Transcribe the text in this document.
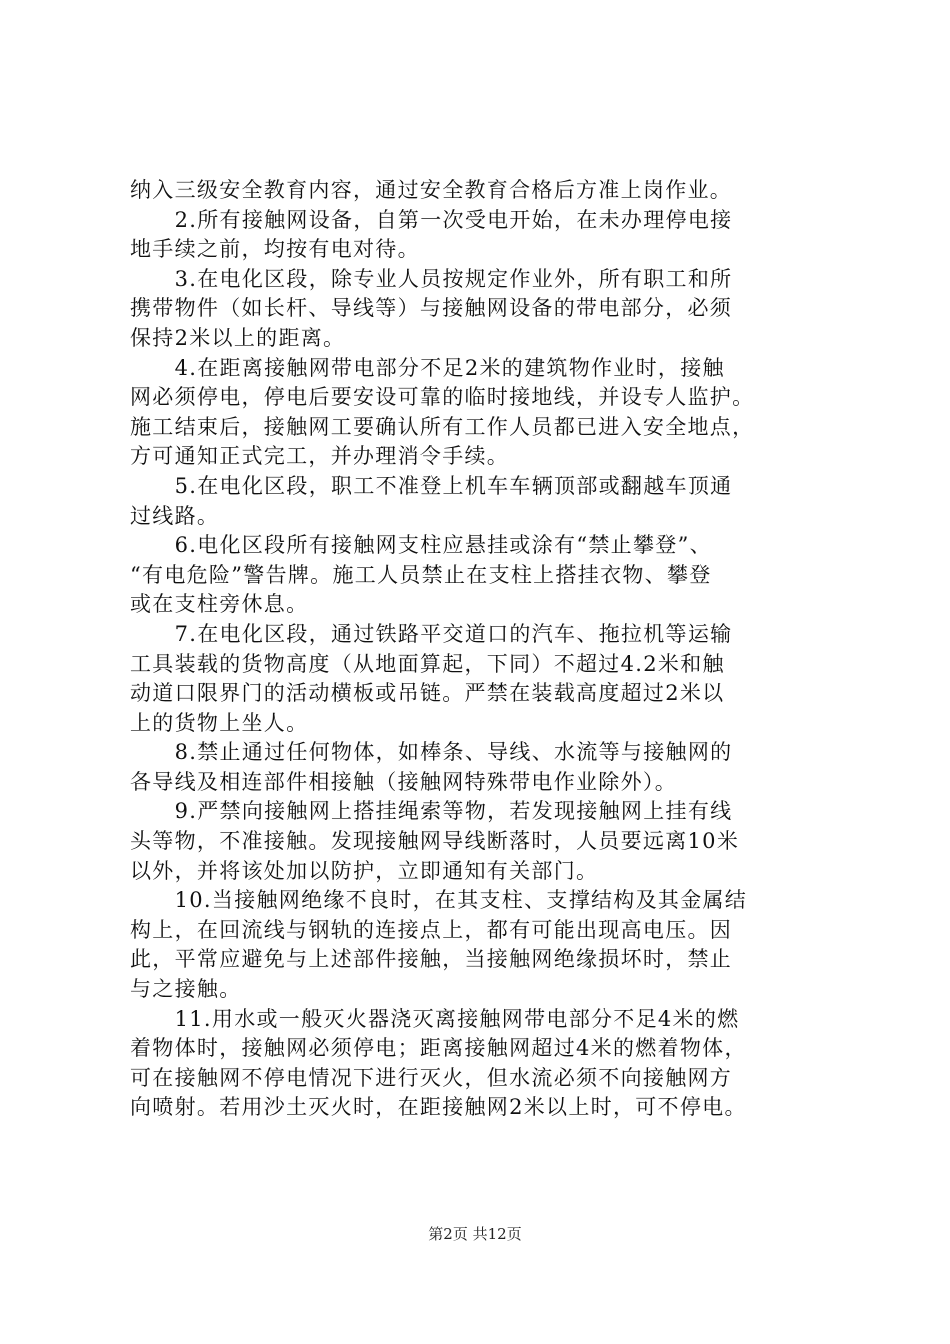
纳入三级安全教育内容，通过安全教育合格后方准上岗作业。
　　2.所有接触网设备，自第一次受电开始，在未办理停电接
地手续之前，均按有电对待。
　　3.在电化区段，除专业人员按规定作业外，所有职工和所
携带物件（如长杆、导线等）与接触网设备的带电部分，必须
保持2米以上的距离。
　　4.在距离接触网带电部分不足2米的建筑物作业时，接触
网必须停电，停电后要安设可靠的临时接地线，并设专人监护。
施工结束后，接触网工要确认所有工作人员都已进入安全地点，
方可通知正式完工，并办理消令手续。
　　5.在电化区段，职工不准登上机车车辆顶部或翻越车顶通
过线路。
　　6.电化区段所有接触网支柱应悬挂或涂有“禁止攀登”、
“有电危险”警告牌。施工人员禁止在支柱上搭挂衣物、攀登
或在支柱旁休息。
　　7.在电化区段，通过铁路平交道口的汽车、拖拉机等运输
工具装载的货物高度（从地面算起，下同）不超过4.2米和触
动道口限界门的活动横板或吊链。严禁在装载高度超过2米以
上的货物上坐人。
　　8.禁止通过任何物体，如棒条、导线、水流等与接触网的
各导线及相连部件相接触（接触网特殊带电作业除外）。
　　9.严禁向接触网上搭挂绳索等物，若发现接触网上挂有线
头等物，不准接触。发现接触网导线断落时，人员要远离10米
以外，并将该处加以防护，立即通知有关部门。
　　10.当接触网绝缘不良时，在其支柱、支撑结构及其金属结
构上，在回流线与钢轨的连接点上，都有可能出现高电压。因
此，平常应避免与上述部件接触，当接触网绝缘损坏时，禁止
与之接触。
　　11.用水或一般灭火器浇灭离接触网带电部分不足4米的燃
着物体时，接触网必须停电；距离接触网超过4米的燃着物体，
可在接触网不停电情况下进行灭火，但水流必须不向接触网方
向喷射。若用沙土灭火时，在距接触网2米以上时，可不停电。
第2页 共12页
